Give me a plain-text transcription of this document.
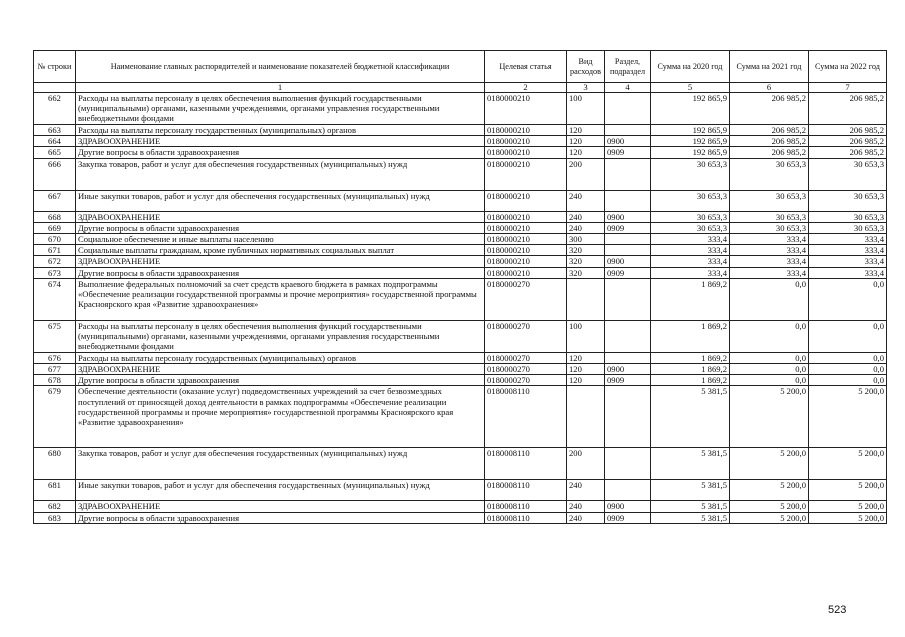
№ строки	Наименование главных распорядителей и наименование показателей бюджетной классификации	Целевая статья	Вид расходов	Раздел, подраздел	Сумма на 2020 год	Сумма на 2021 год	Сумма на 2022 год
	1	2	3	4	5	6	7
662	Расходы на выплаты персоналу в целях обеспечения выполнения функций государственными (муниципальными) органами, казенными учреждениями, органами управления государственными внебюджетными фондами	0180000210	100		192 865,9	206 985,2	206 985,2
663	Расходы на выплаты персоналу государственных (муниципальных) органов	0180000210	120		192 865,9	206 985,2	206 985,2
664	ЗДРАВООХРАНЕНИЕ	0180000210	120	0900	192 865,9	206 985,2	206 985,2
665	Другие вопросы в области здравоохранения	0180000210	120	0909	192 865,9	206 985,2	206 985,2
666	Закупка товаров, работ и услуг для обеспечения государственных (муниципальных) нужд	0180000210	200		30 653,3	30 653,3	30 653,3
667	Иные закупки товаров, работ и услуг для обеспечения государственных (муниципальных) нужд	0180000210	240		30 653,3	30 653,3	30 653,3
668	ЗДРАВООХРАНЕНИЕ	0180000210	240	0900	30 653,3	30 653,3	30 653,3
669	Другие вопросы в области здравоохранения	0180000210	240	0909	30 653,3	30 653,3	30 653,3
670	Социальное обеспечение и иные выплаты населению	0180000210	300		333,4	333,4	333,4
671	Социальные выплаты гражданам, кроме публичных нормативных социальных выплат	0180000210	320		333,4	333,4	333,4
672	ЗДРАВООХРАНЕНИЕ	0180000210	320	0900	333,4	333,4	333,4
673	Другие вопросы в области здравоохранения	0180000210	320	0909	333,4	333,4	333,4
674	Выполнение федеральных полномочий за счет средств краевого бюджета в рамках подпрограммы «Обеспечение реализации государственной программы и прочие мероприятия» государственной программы Красноярского края «Развитие здравоохранения»	0180000270			1 869,2	0,0	0,0
675	Расходы на выплаты персоналу в целях обеспечения выполнения функций государственными (муниципальными) органами, казенными учреждениями, органами управления государственными внебюджетными фондами	0180000270	100		1 869,2	0,0	0,0
676	Расходы на выплаты персоналу государственных (муниципальных) органов	0180000270	120		1 869,2	0,0	0,0
677	ЗДРАВООХРАНЕНИЕ	0180000270	120	0900	1 869,2	0,0	0,0
678	Другие вопросы в области здравоохранения	0180000270	120	0909	1 869,2	0,0	0,0
679	Обеспечение деятельности (оказание услуг) подведомственных учреждений за счет безвозмездных поступлений от приносящей доход деятельности в рамках подпрограммы «Обеспечение реализации государственной программы и прочие мероприятия» государственной программы Красноярского края «Развитие здравоохранения»	0180008110			5 381,5	5 200,0	5 200,0
680	Закупка товаров, работ и услуг для обеспечения государственных (муниципальных) нужд	0180008110	200		5 381,5	5 200,0	5 200,0
681	Иные закупки товаров, работ и услуг для обеспечения государственных (муниципальных) нужд	0180008110	240		5 381,5	5 200,0	5 200,0
682	ЗДРАВООХРАНЕНИЕ	0180008110	240	0900	5 381,5	5 200,0	5 200,0
683	Другие вопросы в области здравоохранения	0180008110	240	0909	5 381,5	5 200,0	5 200,0
523
